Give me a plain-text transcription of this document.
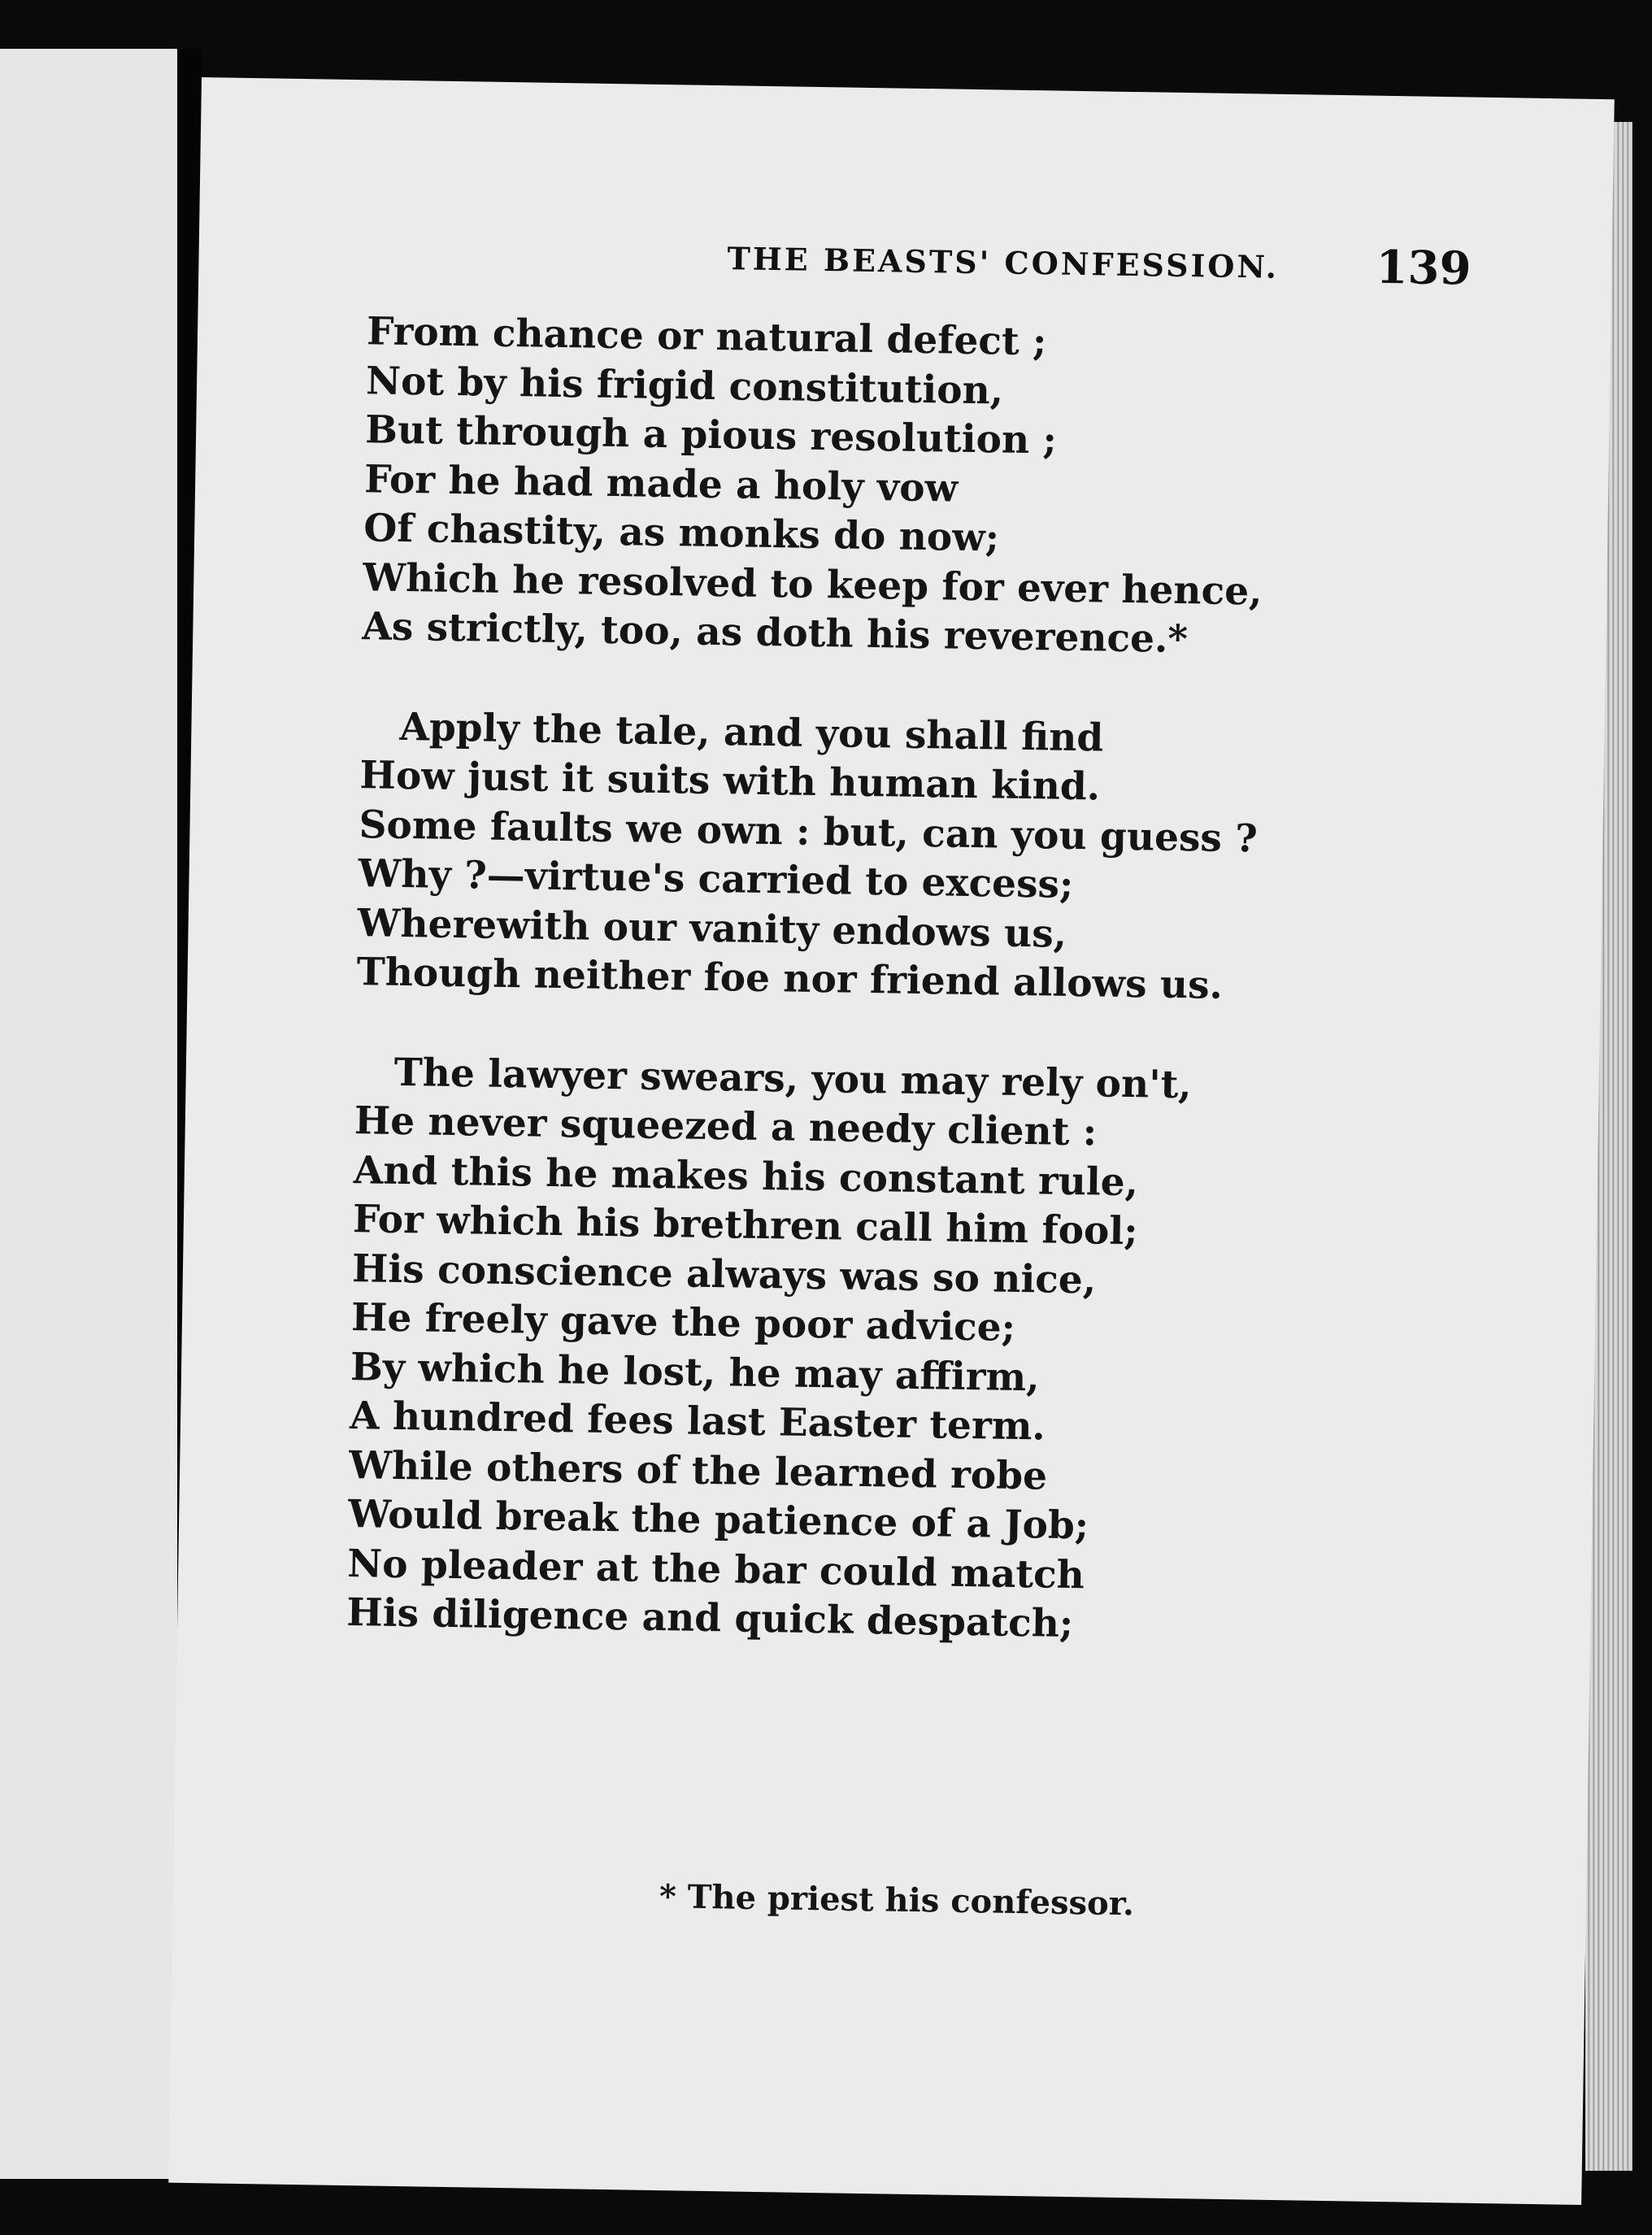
THE BEASTS' CONFESSION. 139
From chance or natural defect ;
Not by his frigid constitution,
But through a pious resolution ;
For he had made a holy vow
Of chastity, as monks do now;
Which he resolved to keep for ever hence,
As strictly, too, as doth his reverence.*
Apply the tale, and you shall find
How just it suits with human kind.
Some faults we own : but, can you guess ?
Why ?—virtue's carried to excess;
Wherewith our vanity endows us,
Though neither foe nor friend allows us.
The lawyer swears, you may rely on't,
He never squeezed a needy client :
And this he makes his constant rule,
For which his brethren call him fool;
His conscience always was so nice,
He freely gave the poor advice;
By which he lost, he may affirm,
A hundred fees last Easter term.
While others of the learned robe
Would break the patience of a Job;
No pleader at the bar could match
His diligence and quick despatch;
* The priest his confessor.
